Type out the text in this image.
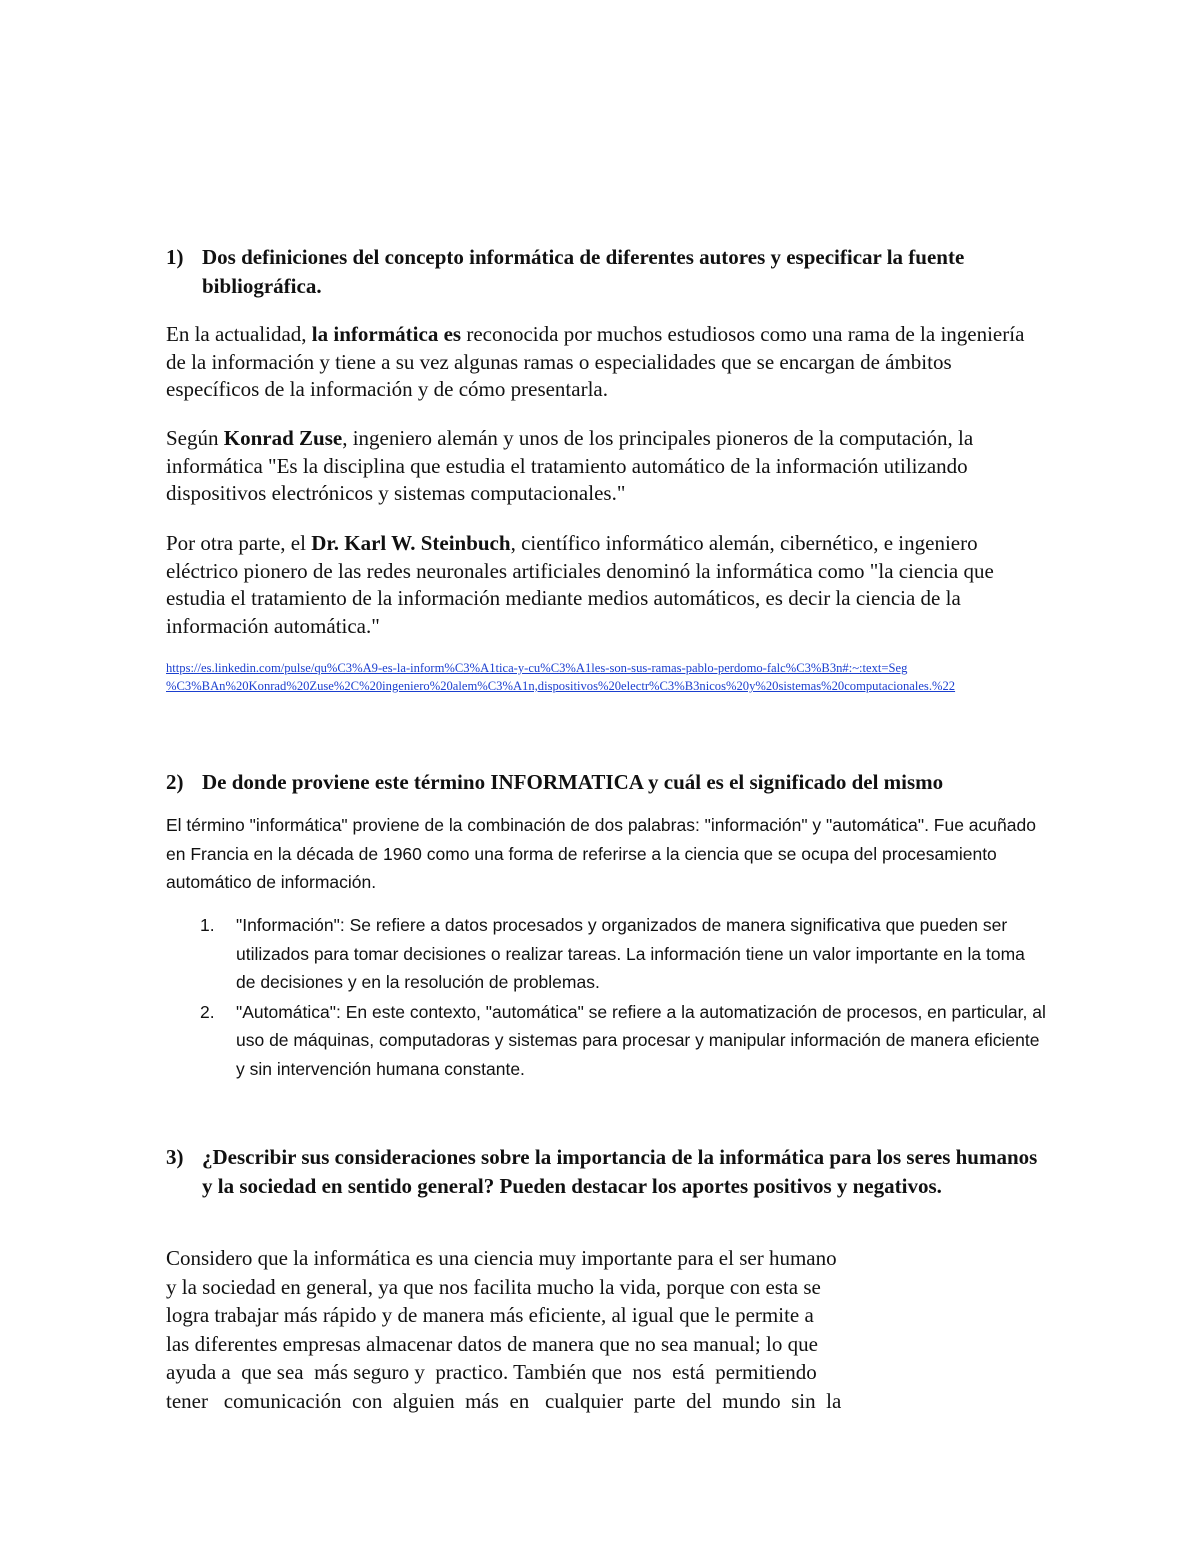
1) Dos definiciones del concepto informática de diferentes autores y especificar la fuente bibliográfica.

En la actualidad, la informática es reconocida por muchos estudiosos como una rama de la ingeniería de la información y tiene a su vez algunas ramas o especialidades que se encargan de ámbitos específicos de la información y de cómo presentarla.

Según Konrad Zuse, ingeniero alemán y unos de los principales pioneros de la computación, la informática "Es la disciplina que estudia el tratamiento automático de la información utilizando dispositivos electrónicos y sistemas computacionales."

Por otra parte, el Dr. Karl W. Steinbuch, científico informático alemán, cibernético, e ingeniero eléctrico pionero de las redes neuronales artificiales denominó la informática como "la ciencia que estudia el tratamiento de la información mediante medios automáticos, es decir la ciencia de la información automática."

https://es.linkedin.com/pulse/qu%C3%A9-es-la-inform%C3%A1tica-y-cu%C3%A1les-son-sus-ramas-pablo-perdomo-falc%C3%B3n#:~:text=Seg
%C3%BAn%20Konrad%20Zuse%2C%20ingeniero%20alem%C3%A1n,dispositivos%20electr%C3%B3nicos%20y%20sistemas%20computacionales.%22
2) De donde proviene este término INFORMATICA y cuál es el significado del mismo

El término "informática" proviene de la combinación de dos palabras: "información" y "automática". Fue acuñado en Francia en la década de 1960 como una forma de referirse a la ciencia que se ocupa del procesamiento automático de información.

1. "Información": Se refiere a datos procesados y organizados de manera significativa que pueden ser utilizados para tomar decisiones o realizar tareas. La información tiene un valor importante en la toma de decisiones y en la resolución de problemas.
2. "Automática": En este contexto, "automática" se refiere a la automatización de procesos, en particular, al uso de máquinas, computadoras y sistemas para procesar y manipular información de manera eficiente y sin intervención humana constante.
3) ¿Describir sus consideraciones sobre la importancia de la informática para los seres humanos y la sociedad en sentido general? Pueden destacar los aportes positivos y negativos.
Considero que la informática es una ciencia muy importante para el ser humano
y la sociedad en general, ya que nos facilita mucho la vida, porque con esta se
logra trabajar más rápido y de manera más eficiente, al igual que le permite a
las diferentes empresas almacenar datos de manera que no sea manual; lo que
ayuda a  que sea  más seguro y  practico. También que  nos  está  permitiendo
tener   comunicación  con  alguien  más  en   cualquier  parte  del  mundo  sin  la
